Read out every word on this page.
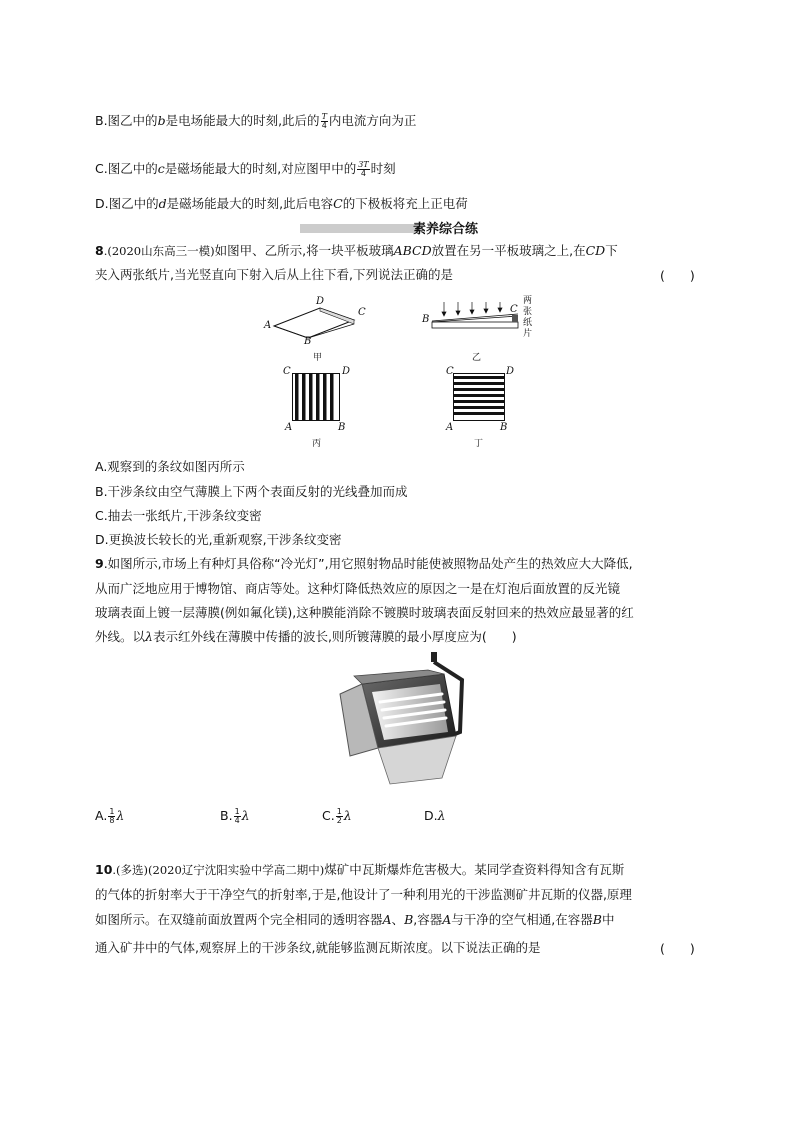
B.图乙中的b是电场能最大的时刻,此后的 $\frac{T}{4}$ 内电流方向为正
C.图乙中的c是磁场能最大的时刻,对应图甲中的 $\frac{3T}{4}$ 时刻
D.图乙中的d是磁场能最大的时刻,此后电容C的下极板将充上正电荷
素养综合练
8.(2020山东高三一模)如图甲、乙所示,将一块平板玻璃ABCD放置在另一平板玻璃之上,在CD下
夹入两张纸片,当光竖直向下射入后从上往下看,下列说法正确的是	(　　)
A
B
C
D
甲
B
C
两
张
纸
片
乙
C	D
A	B
丙
C	D
A	B
丁
A.观察到的条纹如图丙所示
B.干涉条纹由空气薄膜上下两个表面反射的光线叠加而成
C.抽去一张纸片,干涉条纹变密
D.更换波长较长的光,重新观察,干涉条纹变密
9.如图所示,市场上有种灯具俗称“冷光灯”,用它照射物品时能使被照物品处产生的热效应大大降低,
从而广泛地应用于博物馆、商店等处。这种灯降低热效应的原因之一是在灯泡后面放置的反光镜
玻璃表面上镀一层薄膜(例如氟化镁),这种膜能消除不镀膜时玻璃表面反射回来的热效应最显著的红
外线。以λ表示红外线在薄膜中传播的波长,则所镀薄膜的最小厚度应为(　　)
A. $\frac{1}{8}$ λ	B. $\frac{1}{4}$ λ	C. $\frac{1}{2}$ λ	D.λ
10.(多选)(2020辽宁沈阳实验中学高二期中)煤矿中瓦斯爆炸危害极大。某同学查资料得知含有瓦斯
的气体的折射率大于干净空气的折射率,于是,他设计了一种利用光的干涉监测矿井瓦斯的仪器,原理
如图所示。在双缝前面放置两个完全相同的透明容器A、B,容器A与干净的空气相通,在容器B中
通入矿井中的气体,观察屏上的干涉条纹,就能够监测瓦斯浓度。以下说法正确的是	(　　)
